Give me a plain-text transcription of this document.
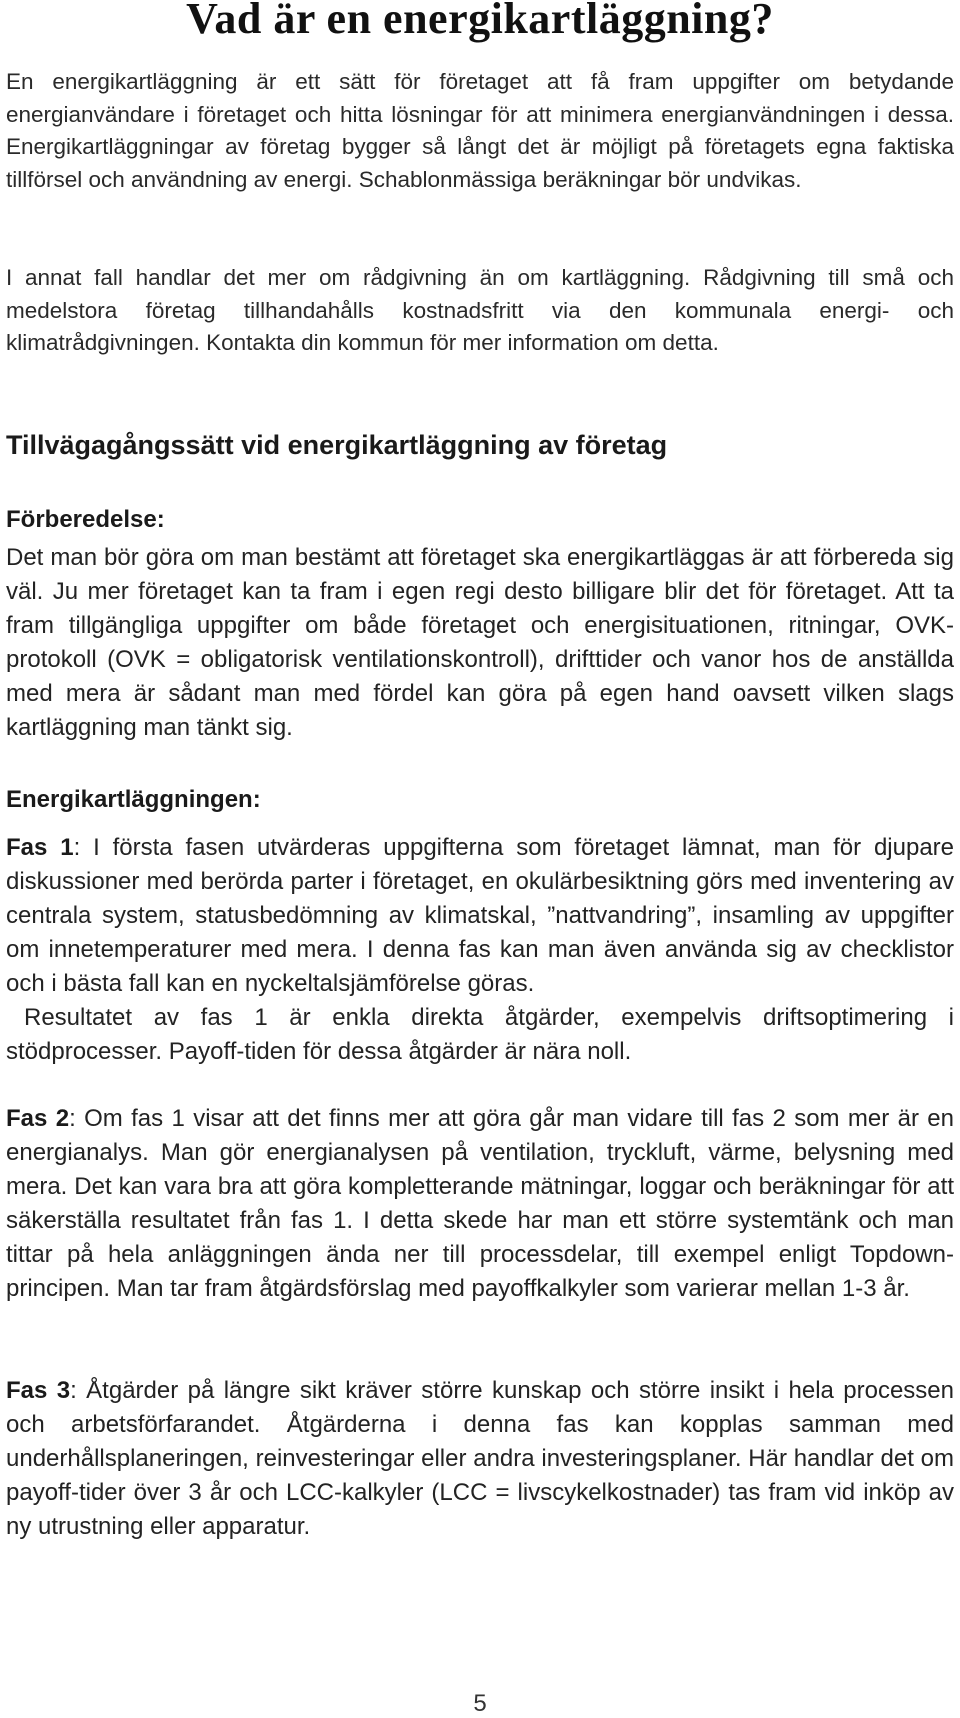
Vad är en energikartläggning?

En energikartläggning är ett sätt för företaget att få fram uppgifter om betydande energianvändare i företaget och hitta lösningar för att minimera energianvändningen i dessa. Energikartläggningar av företag bygger så långt det är möjligt på företagets egna faktiska tillförsel och användning av energi. Schablonmässiga beräkningar bör undvikas.

I annat fall handlar det mer om rådgivning än om kartläggning. Rådgivning till små och medelstora företag tillhandahålls kostnadsfritt via den kommunala energi- och klimatrådgivningen. Kontakta din kommun för mer information om detta.

Tillvägagångssätt vid energikartläggning av företag
Förberedelse:

Det man bör göra om man bestämt att företaget ska energikartläggas är att förbereda sig väl. Ju mer företaget kan ta fram i egen regi desto billigare blir det för företaget. Att ta fram tillgängliga uppgifter om både företaget och energisituationen, ritningar, OVK-protokoll (OVK = obligatorisk ventilationskontroll), drifttider och vanor hos de anställda med mera är sådant man med fördel kan göra på egen hand oavsett vilken slags kartläggning man tänkt sig.

Energikartläggningen:

Fas 1: I första fasen utvärderas uppgifterna som företaget lämnat, man för djupare diskussioner med berörda parter i företaget, en okulärbesiktning görs med inventering av centrala system, statusbedömning av klimatskal, ”nattvandring”, insamling av uppgifter om innetemperaturer med mera. I denna fas kan man även använda sig av checklistor och i bästa fall kan en nyckeltalsjämförelse göras.

Resultatet av fas 1 är enkla direkta åtgärder, exempelvis driftsoptimering i stödprocesser. Payoff-tiden för dessa åtgärder är nära noll.

Fas 2: Om fas 1 visar att det finns mer att göra går man vidare till fas 2 som mer är en energianalys. Man gör energianalysen på ventilation, tryckluft, värme, belysning med mera. Det kan vara bra att göra kompletterande mätningar, loggar och beräkningar för att säkerställa resultatet från fas 1. I detta skede har man ett större systemtänk och man tittar på hela anläggningen ända ner till processdelar, till exempel enligt Topdown-principen. Man tar fram åtgärdsförslag med payoffkalkyler som varierar mellan 1-3 år.

Fas 3: Åtgärder på längre sikt kräver större kunskap och större insikt i hela processen och arbetsförfarandet. Åtgärderna i denna fas kan kopplas samman med underhållsplaneringen, reinvesteringar eller andra investeringsplaner. Här handlar det om payoff-tider över 3 år och LCC-kalkyler (LCC = livscykelkostnader) tas fram vid inköp av ny utrustning eller apparatur.

5
